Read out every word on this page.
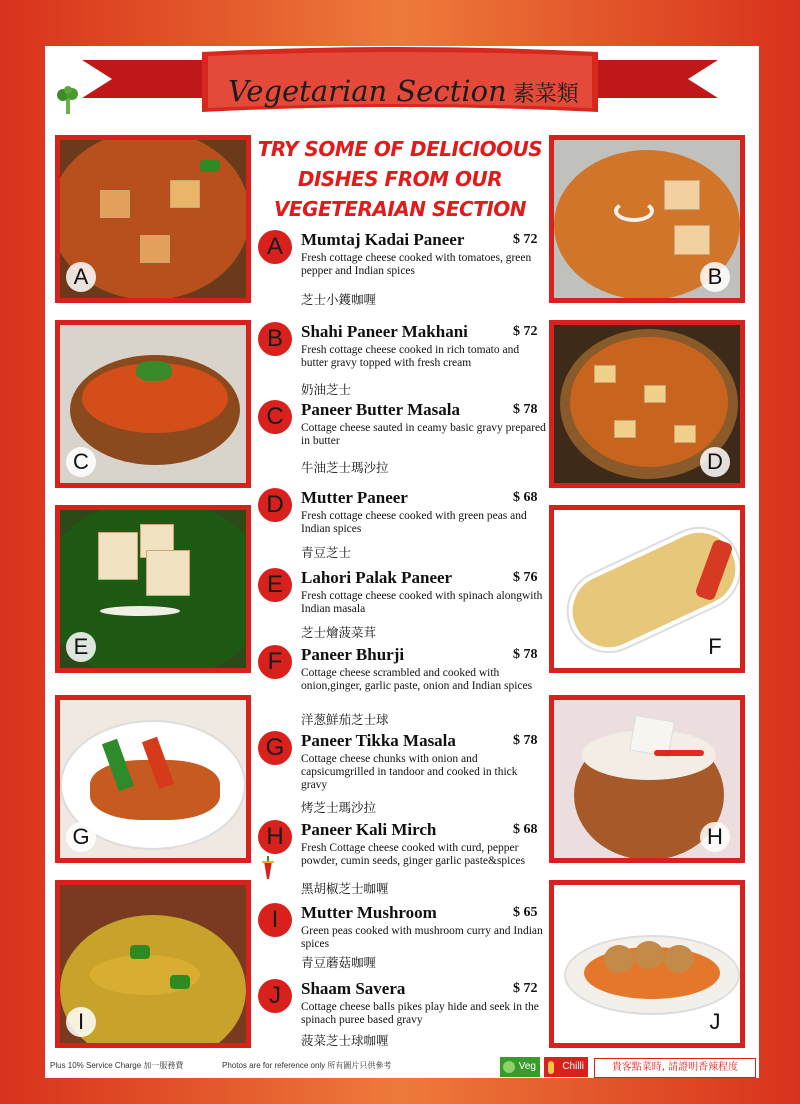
Vegetarian Section 素菜類
TRY SOME OF DELICIOOUS
DISHES FROM OUR
VEGETERAIAN SECTION
A
C
E
G
I
B
D
F
H
J
A	Mumtaj Kadai Paneer	$ 72
Fresh cottage cheese cooked with tomatoes, green pepper and Indian spices
芝士小鑊咖喱
B	Shahi Paneer Makhani	$ 72
Fresh cottage cheese cooked in rich tomato and butter gravy topped with fresh cream
奶油芝士
C	Paneer Butter Masala	$ 78
Cottage cheese sauted in ceamy basic gravy prepared in butter
牛油芝士瑪沙拉
D	Mutter Paneer	$ 68
Fresh cottage cheese cooked with green peas and Indian spices
青豆芝士
E	Lahori Palak Paneer	$ 76
Fresh cottage cheese cooked with spinach alongwith Indian masala
芝士燴菠菜茸
F	Paneer Bhurji	$ 78
Cottage cheese scrambled and cooked with onion,ginger, garlic paste, onion and Indian spices
洋葱鮮茄芝士球
G Paneer Tikka Masala	$ 78
Cottage cheese chunks with onion and capsicumgrilled in tandoor and cooked in thick gravy
烤芝士瑪沙拉
H	Paneer Kali Mirch	$ 68
Fresh Cottage cheese cooked with curd, pepper powder, cumin seeds, ginger garlic paste&spices
黑胡椒芝士咖喱
I	Mutter Mushroom	$ 65
Green peas cooked with mushroom curry and Indian spices
青豆蘑菇咖喱
J	Shaam Savera	$ 72
Cottage cheese balls pikes play hide and seek in the spinach puree based gravy
菠菜芝士球咖喱
Plus 10% Service Charge 加一服務費	Photos are for reference only 所有圖片只供參考	Veg	Chilli	貴客點菜時, 請證明香辣程度
